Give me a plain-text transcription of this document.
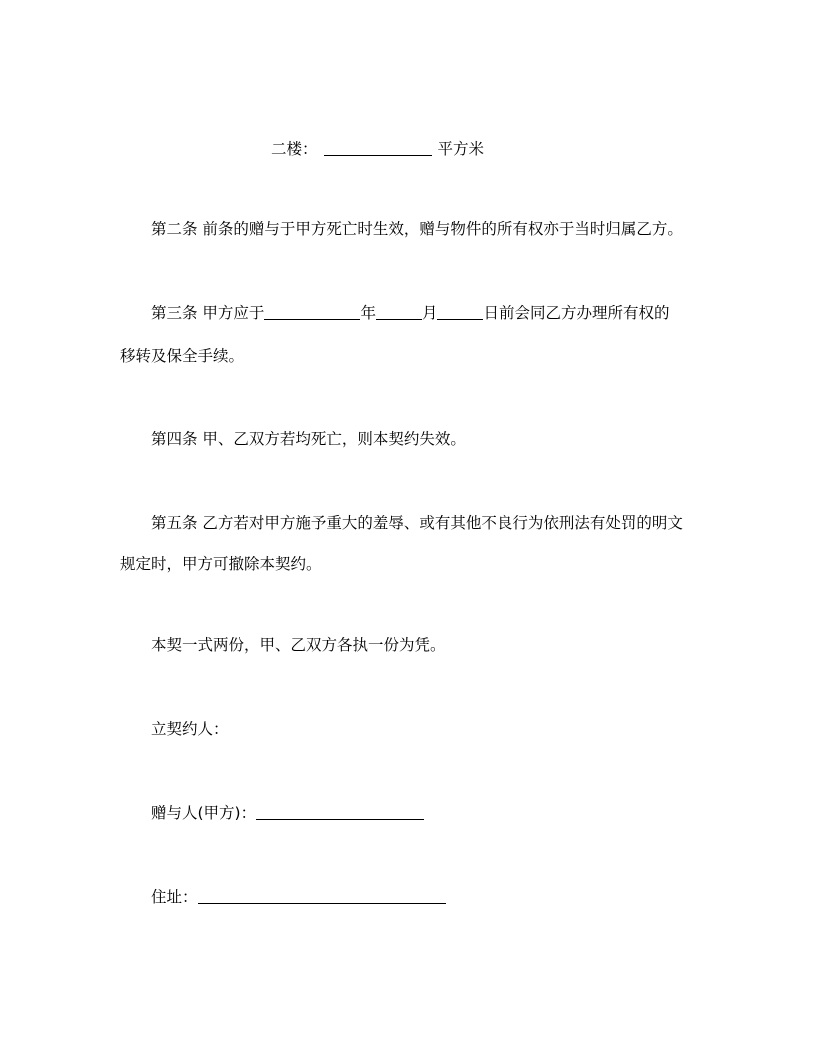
二楼：	平方米
第二条 前条的赠与于甲方死亡时生效，赠与物件的所有权亦于当时归属乙方。
第三条 甲方应于	年	月	日前会同乙方办理所有权的
移转及保全手续。
第四条 甲、乙双方若均死亡，则本契约失效。
第五条 乙方若对甲方施予重大的羞辱、或有其他不良行为依刑法有处罚的明文
规定时，甲方可撤除本契约。
本契一式两份，甲、乙双方各执一份为凭。
立契约人：
赠与人(甲方)：
住址：
